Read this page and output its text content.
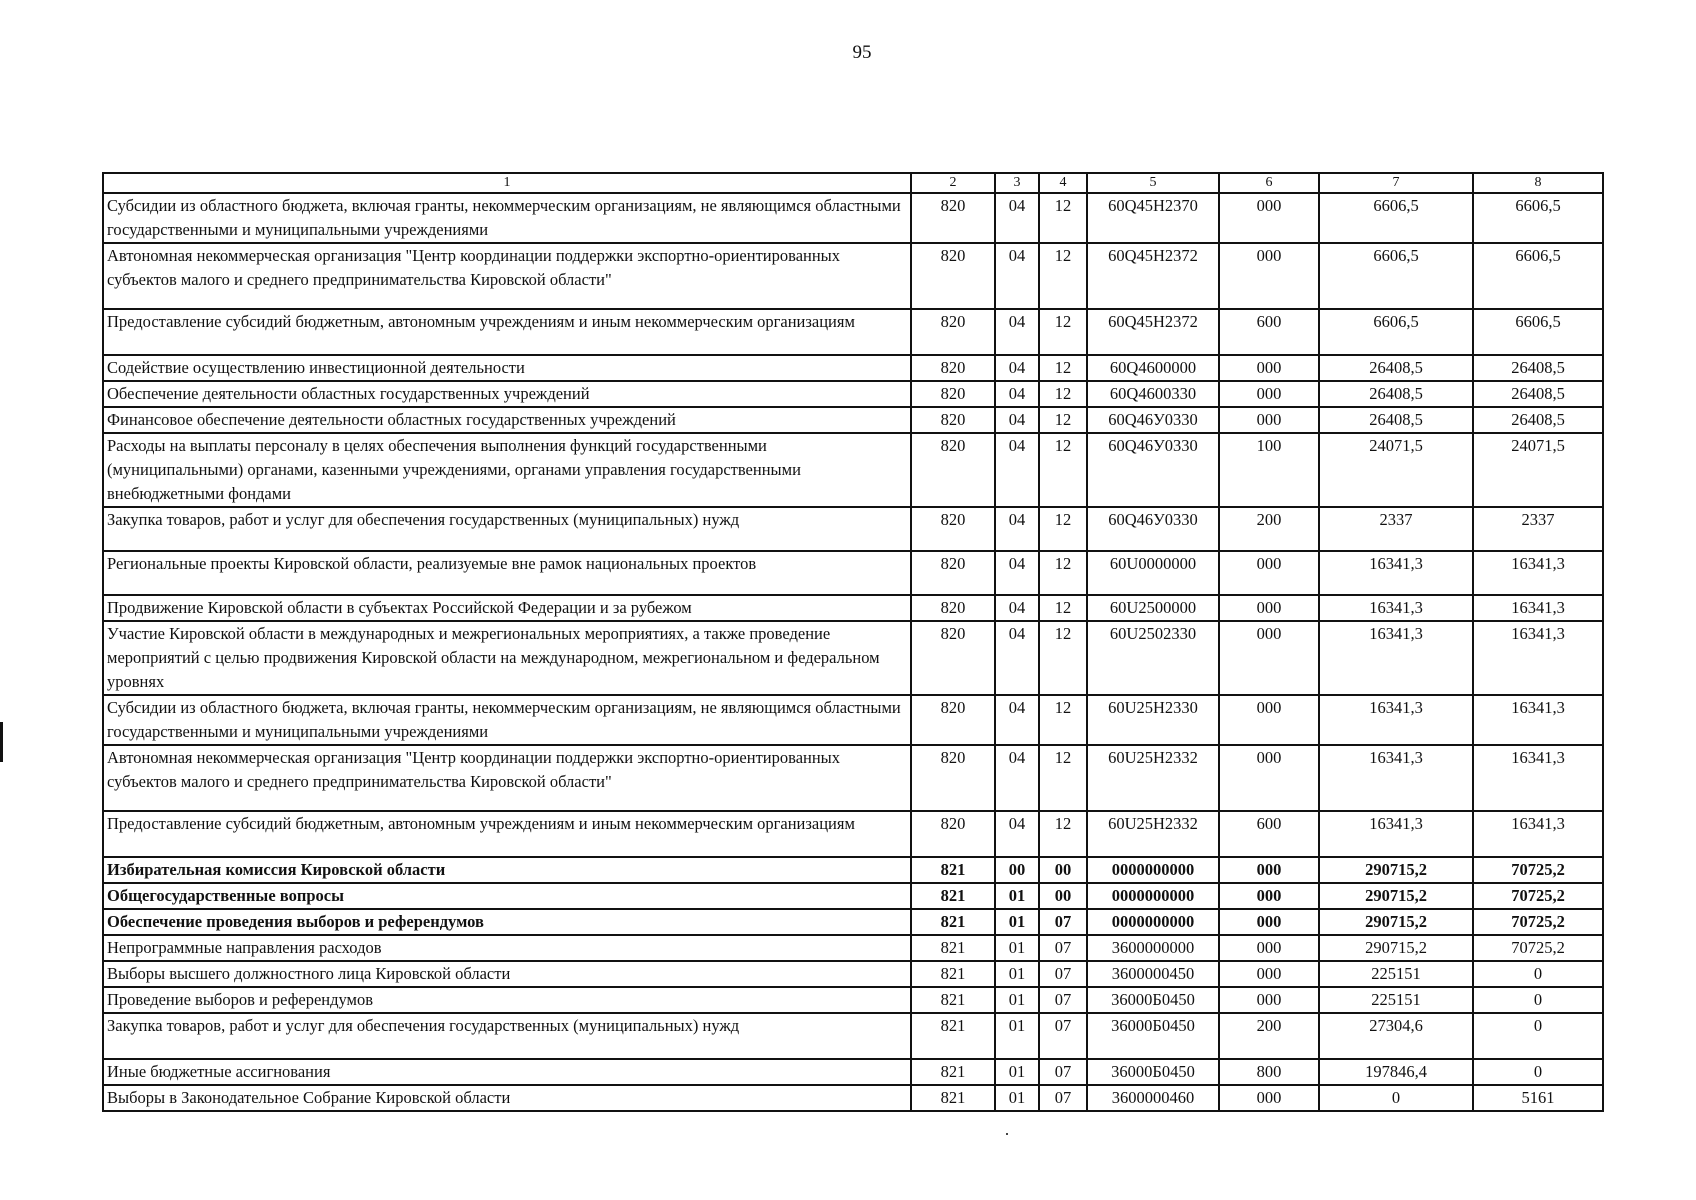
95
1	2	3	4	5	6	7	8
Субсидии из областного бюджета, включая гранты, некоммерческим организациям, не являющимся областными государственными и муниципальными учреждениями	820	04	12	60Q45Н2370	000	6606,5	6606,5
Автономная некоммерческая организация "Центр координации поддержки экспортно-ориентированных субъектов малого и среднего предпринимательства Кировской области"	820	04	12	60Q45Н2372	000	6606,5	6606,5
Предоставление субсидий бюджетным, автономным учреждениям и иным некоммерческим организациям	820	04	12	60Q45Н2372	600	6606,5	6606,5
Содействие осуществлению инвестиционной деятельности	820	04	12	60Q4600000	000	26408,5	26408,5
Обеспечение деятельности областных государственных учреждений	820	04	12	60Q4600330	000	26408,5	26408,5
Финансовое обеспечение деятельности областных государственных учреждений	820	04	12	60Q46У0330	000	26408,5	26408,5
Расходы на выплаты персоналу в целях обеспечения выполнения функций государственными (муниципальными) органами, казенными учреждениями, органами управления государственными внебюджетными фондами	820	04	12	60Q46У0330	100	24071,5	24071,5
Закупка товаров, работ и услуг для обеспечения государственных (муниципальных) нужд	820	04	12	60Q46У0330	200	2337	2337
Региональные проекты Кировской области, реализуемые вне рамок национальных проектов	820	04	12	60U0000000	000	16341,3	16341,3
Продвижение Кировской области в субъектах Российской Федерации и за рубежом	820	04	12	60U2500000	000	16341,3	16341,3
Участие Кировской области в международных и межрегиональных мероприятиях, а также проведение мероприятий с целью продвижения Кировской области на международном, межрегиональном и федеральном уровнях	820	04	12	60U2502330	000	16341,3	16341,3
Субсидии из областного бюджета, включая гранты, некоммерческим организациям, не являющимся областными государственными и муниципальными учреждениями	820	04	12	60U25Н2330	000	16341,3	16341,3
Автономная некоммерческая организация "Центр координации поддержки экспортно-ориентированных субъектов малого и среднего предпринимательства Кировской области"	820	04	12	60U25Н2332	000	16341,3	16341,3
Предоставление субсидий бюджетным, автономным учреждениям и иным некоммерческим организациям	820	04	12	60U25Н2332	600	16341,3	16341,3
Избирательная комиссия Кировской области	821	00	00	0000000000	000	290715,2	70725,2
Общегосударственные вопросы	821	01	00	0000000000	000	290715,2	70725,2
Обеспечение проведения выборов и референдумов	821	01	07	0000000000	000	290715,2	70725,2
Непрограммные направления расходов	821	01	07	3600000000	000	290715,2	70725,2
Выборы высшего должностного лица Кировской области	821	01	07	3600000450	000	225151	0
Проведение выборов и референдумов	821	01	07	36000Б0450	000	225151	0
Закупка товаров, работ и услуг для обеспечения государственных (муниципальных) нужд	821	01	07	36000Б0450	200	27304,6	0
Иные бюджетные ассигнования	821	01	07	36000Б0450	800	197846,4	0
Выборы в Законодательное Собрание Кировской области	821	01	07	3600000460	000	0	5161
